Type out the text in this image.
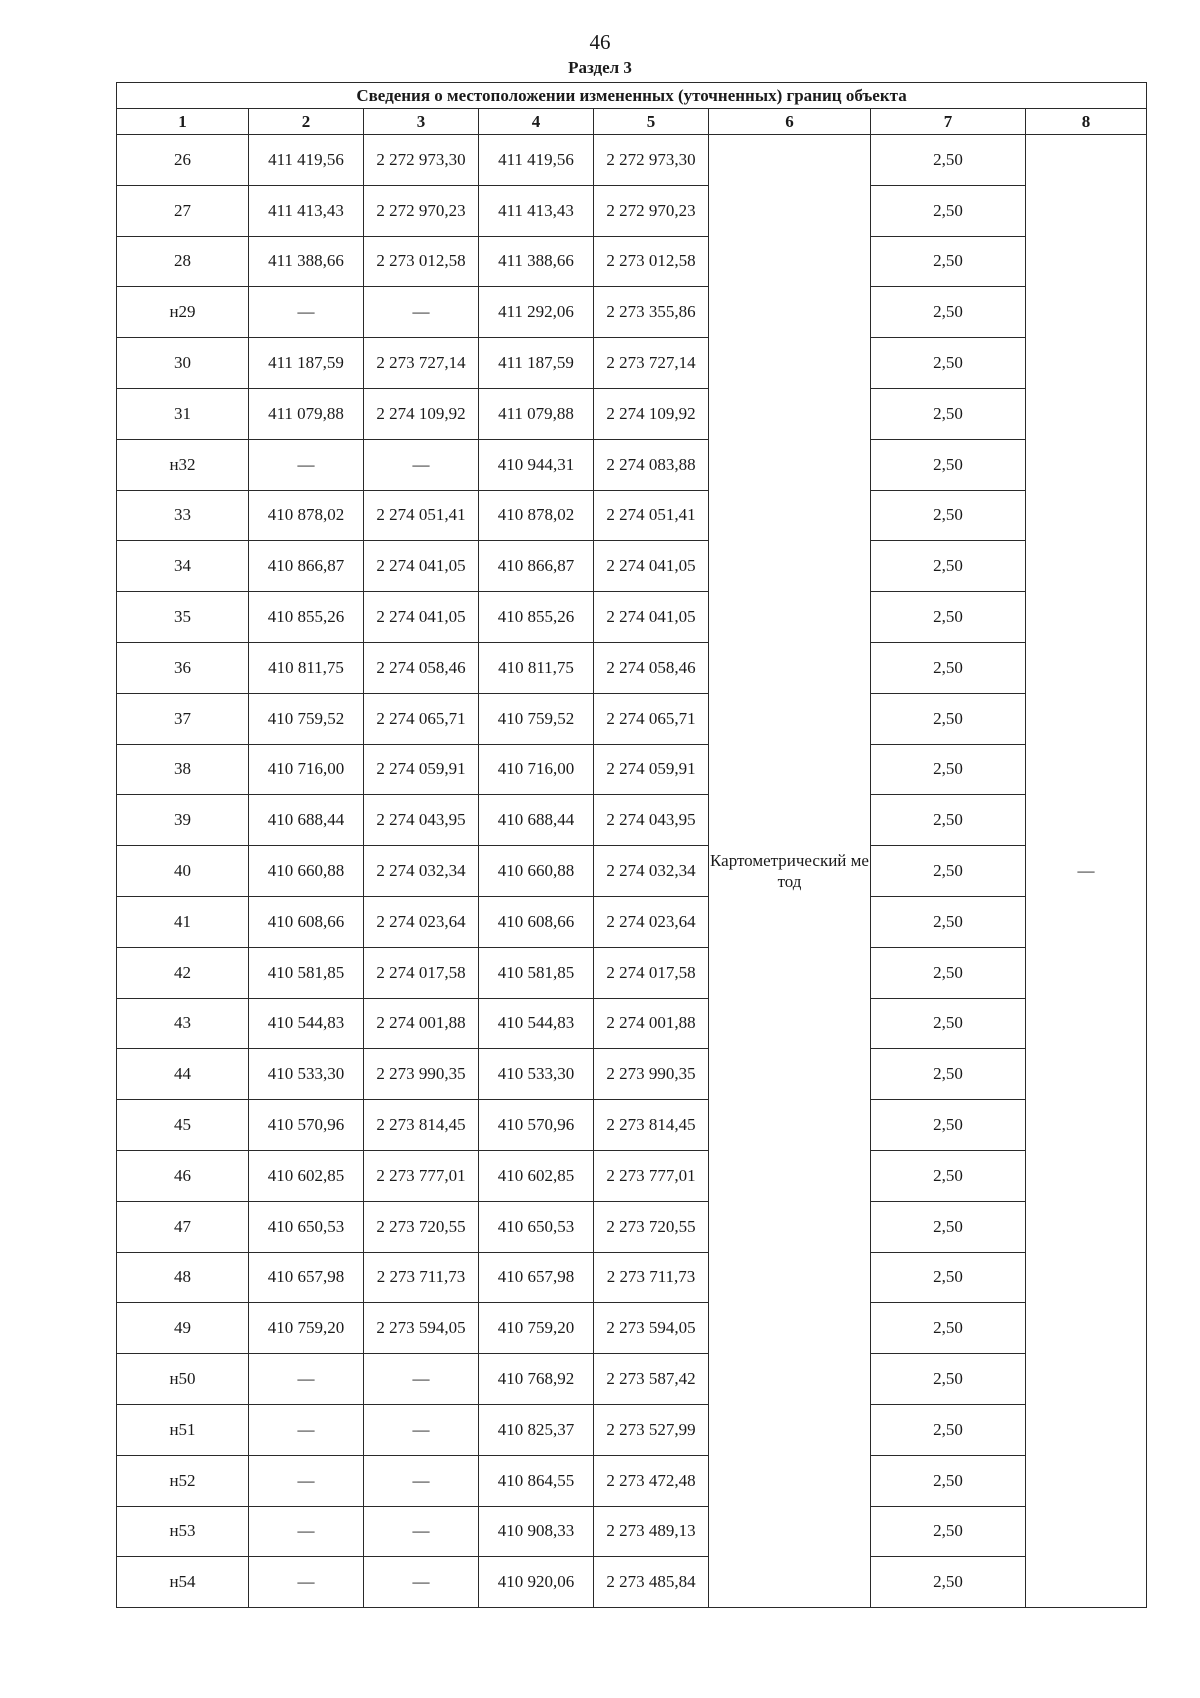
46
Раздел 3
Сведения о местоположении измененных (уточненных) границ объекта							
1	2	3	4	5	6	7	8
26	411 419,56	2 272 973,30	411 419,56	2 272 973,30	Картометрический метод	2,50	—
27	411 413,43	2 272 970,23	411 413,43	2 272 970,23		2,50	
28	411 388,66	2 273 012,58	411 388,66	2 273 012,58		2,50	
н29	—	—	411 292,06	2 273 355,86		2,50	
30	411 187,59	2 273 727,14	411 187,59	2 273 727,14		2,50	
31	411 079,88	2 274 109,92	411 079,88	2 274 109,92		2,50	
н32	—	—	410 944,31	2 274 083,88		2,50	
33	410 878,02	2 274 051,41	410 878,02	2 274 051,41		2,50	
34	410 866,87	2 274 041,05	410 866,87	2 274 041,05		2,50	
35	410 855,26	2 274 041,05	410 855,26	2 274 041,05		2,50	
36	410 811,75	2 274 058,46	410 811,75	2 274 058,46		2,50	
37	410 759,52	2 274 065,71	410 759,52	2 274 065,71		2,50	
38	410 716,00	2 274 059,91	410 716,00	2 274 059,91		2,50	
39	410 688,44	2 274 043,95	410 688,44	2 274 043,95		2,50	
40	410 660,88	2 274 032,34	410 660,88	2 274 032,34		2,50	
41	410 608,66	2 274 023,64	410 608,66	2 274 023,64		2,50	
42	410 581,85	2 274 017,58	410 581,85	2 274 017,58		2,50	
43	410 544,83	2 274 001,88	410 544,83	2 274 001,88		2,50	
44	410 533,30	2 273 990,35	410 533,30	2 273 990,35		2,50	
45	410 570,96	2 273 814,45	410 570,96	2 273 814,45		2,50	
46	410 602,85	2 273 777,01	410 602,85	2 273 777,01		2,50	
47	410 650,53	2 273 720,55	410 650,53	2 273 720,55		2,50	
48	410 657,98	2 273 711,73	410 657,98	2 273 711,73		2,50	
49	410 759,20	2 273 594,05	410 759,20	2 273 594,05		2,50	
н50	—	—	410 768,92	2 273 587,42		2,50	
н51	—	—	410 825,37	2 273 527,99		2,50	
н52	—	—	410 864,55	2 273 472,48		2,50	
н53	—	—	410 908,33	2 273 489,13		2,50	
н54	—	—	410 920,06	2 273 485,84		2,50	
